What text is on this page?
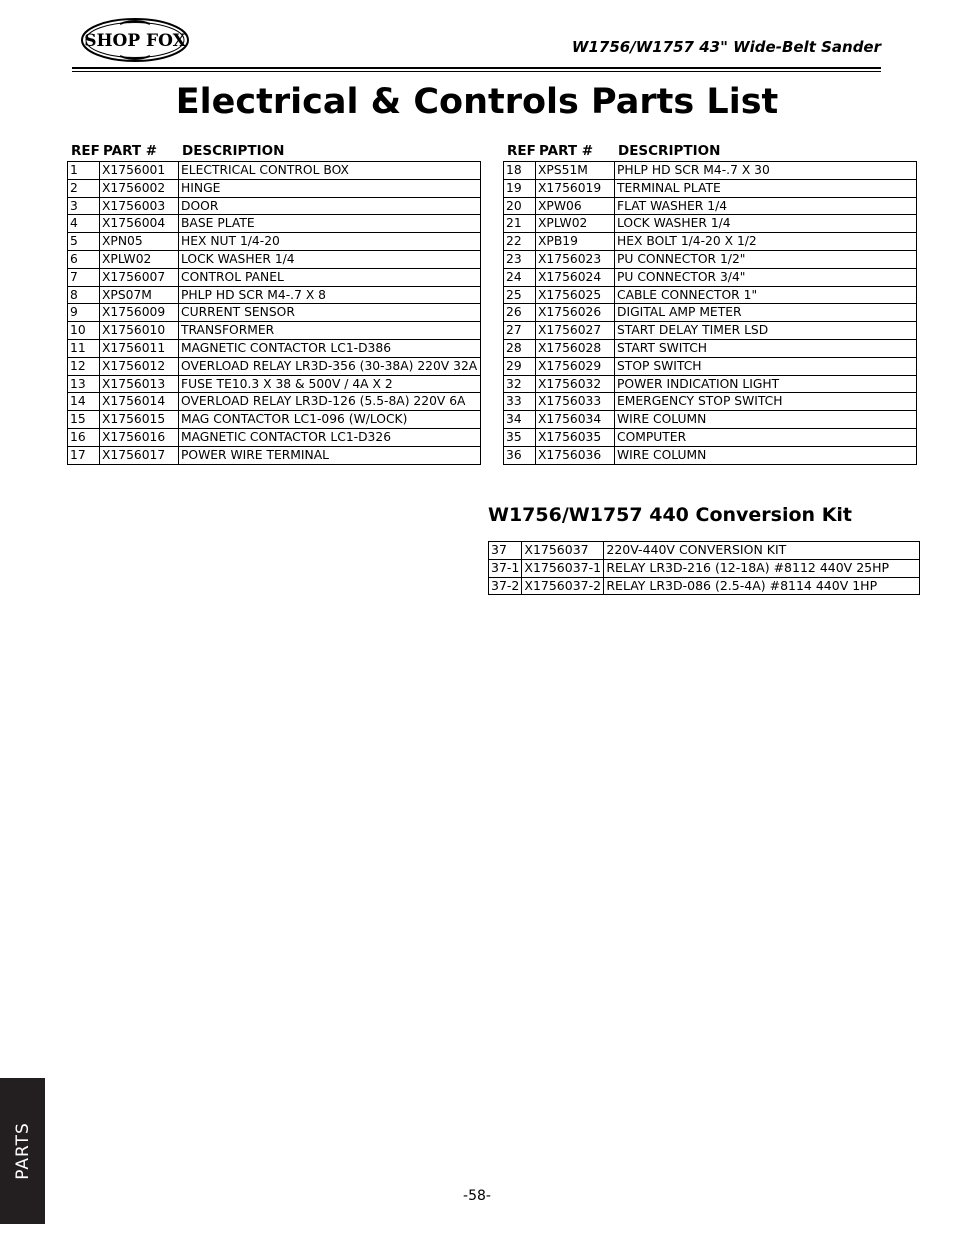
SHOP FOX	W1756/W1757 43" Wide-Belt Sander
Electrical & Controls Parts List
REF PART # DESCRIPTION	REF PART # DESCRIPTION
1	X1756001	ELECTRICAL CONTROL BOX
2	X1756002	HINGE
3	X1756003	DOOR
4	X1756004	BASE PLATE
5	XPN05	HEX NUT 1/4-20
6	XPLW02	LOCK WASHER 1/4
7	X1756007	CONTROL PANEL
8	XPS07M	PHLP HD SCR M4-.7 X 8
9	X1756009	CURRENT SENSOR
10	X1756010	TRANSFORMER
11	X1756011	MAGNETIC CONTACTOR LC1-D386
12	X1756012	OVERLOAD RELAY LR3D-356 (30-38A) 220V 32A
13	X1756013	FUSE TE10.3 X 38 & 500V / 4A X 2
14	X1756014	OVERLOAD RELAY LR3D-126 (5.5-8A) 220V 6A
15	X1756015	MAG CONTACTOR LC1-096 (W/LOCK)
16	X1756016	MAGNETIC CONTACTOR LC1-D326
17	X1756017	POWER WIRE TERMINAL
18	XPS51M	PHLP HD SCR M4-.7 X 30
19	X1756019	TERMINAL PLATE
20	XPW06	FLAT WASHER 1/4
21	XPLW02	LOCK WASHER 1/4
22	XPB19	HEX BOLT 1/4-20 X 1/2
23	X1756023	PU CONNECTOR 1/2"
24	X1756024	PU CONNECTOR 3/4"
25	X1756025	CABLE CONNECTOR 1"
26	X1756026	DIGITAL AMP METER
27	X1756027	START DELAY TIMER LSD
28	X1756028	START SWITCH
29	X1756029	STOP SWITCH
32	X1756032	POWER INDICATION LIGHT
33	X1756033	EMERGENCY STOP SWITCH
34	X1756034	WIRE COLUMN
35	X1756035	COMPUTER
36	X1756036	WIRE COLUMN
W1756/W1757 440 Conversion Kit
37	X1756037	220V-440V CONVERSION KIT
37-1	X1756037-1	RELAY LR3D-216 (12-18A) #8112 440V 25HP
37-2	X1756037-2	RELAY LR3D-086 (2.5-4A) #8114 440V 1HP
PARTS
-58-
